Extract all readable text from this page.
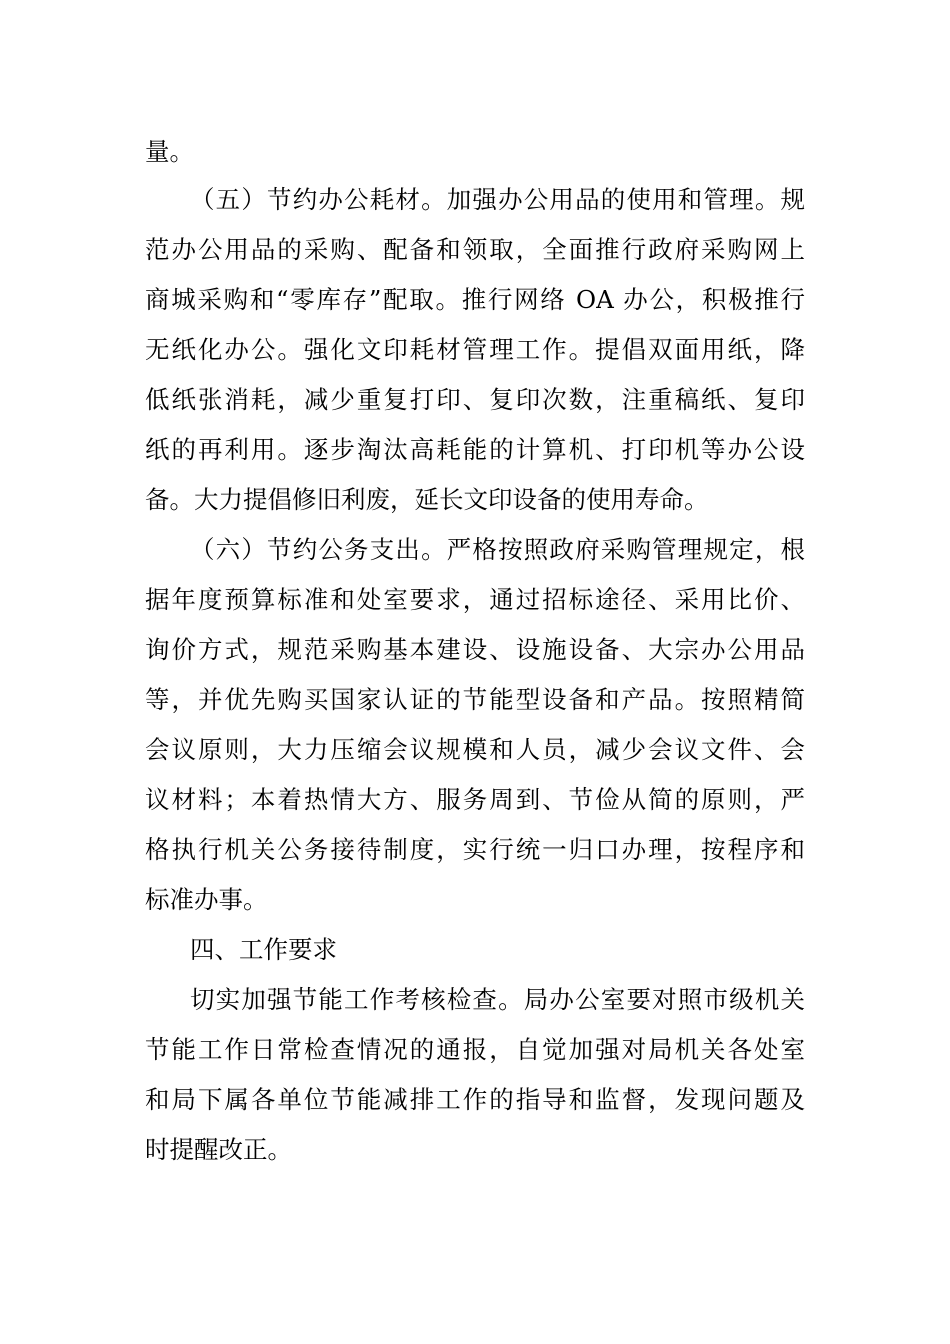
量。
（五）节约办公耗材。加强办公用品的使用和管理。规
范办公用品的采购、配备和领取，全面推行政府采购网上
商城采购和“零库存”配取。推行网络 OA 办公，积极推行
无纸化办公。强化文印耗材管理工作。提倡双面用纸，降
低纸张消耗，减少重复打印、复印次数，注重稿纸、复印
纸的再利用。逐步淘汰高耗能的计算机、打印机等办公设
备。大力提倡修旧利废，延长文印设备的使用寿命。
（六）节约公务支出。严格按照政府采购管理规定，根
据年度预算标准和处室要求，通过招标途径、采用比价、
询价方式，规范采购基本建设、设施设备、大宗办公用品
等，并优先购买国家认证的节能型设备和产品。按照精简
会议原则，大力压缩会议规模和人员，减少会议文件、会
议材料；本着热情大方、服务周到、节俭从简的原则，严
格执行机关公务接待制度，实行统一归口办理，按程序和
标准办事。
四、工作要求
切实加强节能工作考核检查。局办公室要对照市级机关
节能工作日常检查情况的通报，自觉加强对局机关各处室
和局下属各单位节能减排工作的指导和监督，发现问题及
时提醒改正。
